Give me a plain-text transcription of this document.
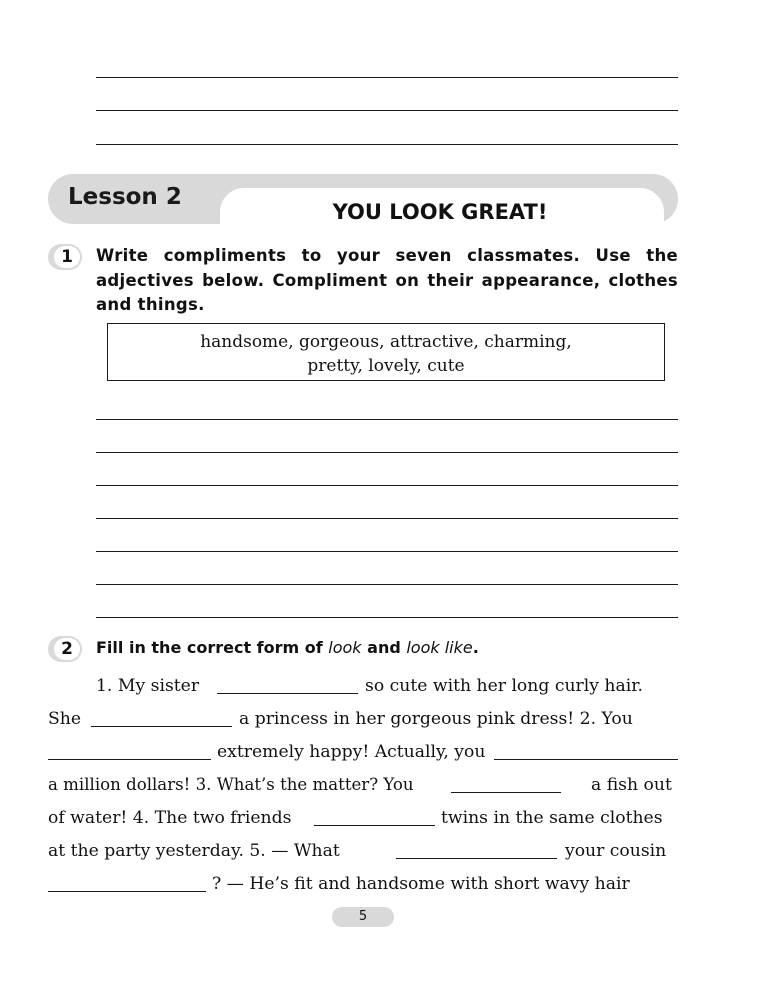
Lesson 2
YOU LOOK GREAT!
1	Write compliments to your seven classmates. Use the adjectives below. Compliment on their appearance, clothes and things.
handsome, gorgeous, attractive, charming,
pretty, lovely, cute
2	Fill in the correct form of look and look like.
1. My sister	so cute with her long curly hair.
She	a princess in her gorgeous pink dress! 2. You
extremely happy! Actually, you
a million dollars! 3. What’s the matter? You	a fish out
of water! 4. The two friends	twins in the same clothes
at the party yesterday. 5. — What	your cousin
? — He’s fit and handsome with short wavy hair
5
